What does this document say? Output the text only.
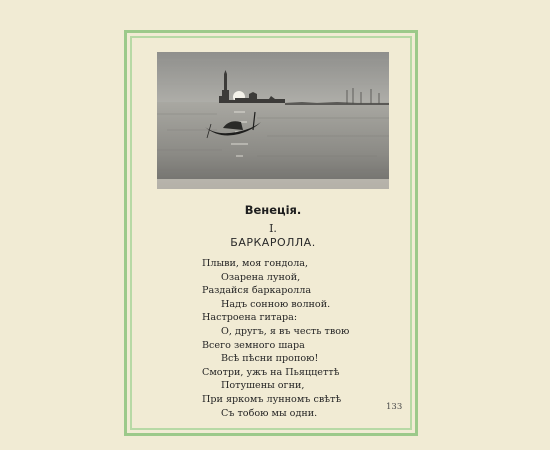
Венеція.
I.
БАРКАРОЛЛА.
Плыви, моя гондола,
Озарена луной,
Раздайся баркаролла
Надъ сонною волной.
Настроена гитара:
О, другъ, я въ честь твою
Всего земного шара
Всѣ пѣсни пропою!
Смотри, ужъ на Пьяццеттѣ
Потушены огни,
При яркомъ лунномъ свѣтѣ
Съ тобою мы одни.
133
